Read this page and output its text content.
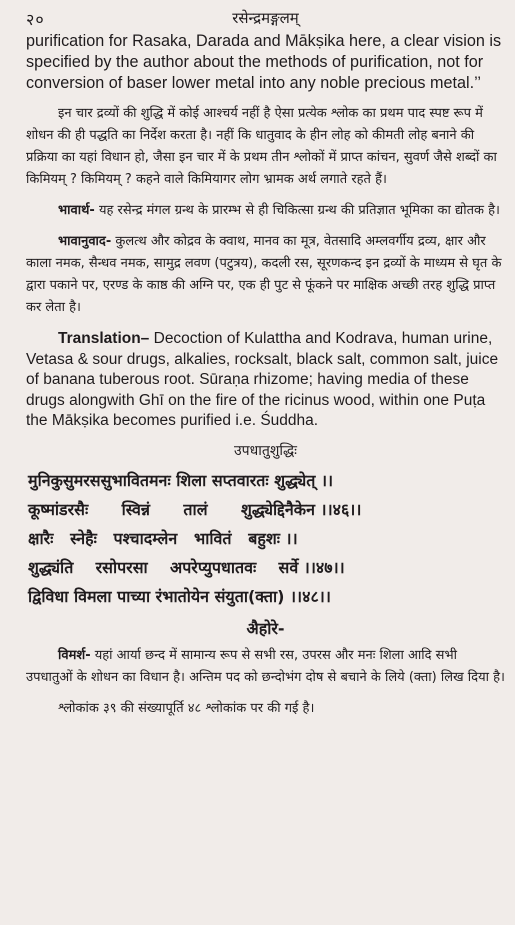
२०	रसेन्द्रमङ्गलम्

purification for Rasaka, Darada and Mākṣika here, a clear vision is specified by the author about the methods of purification, not for conversion of baser lower metal into any noble precious metal.’’

इन चार द्रव्यों की शुद्धि में कोई आश्चर्य नहीं है ऐसा प्रत्येक श्लोक का प्रथम पाद स्पष्ट रूप में शोधन की ही पद्धति का निर्देश करता है। नहीं कि धातुवाद के हीन लोह को कीमती लोह बनाने की प्रक्रिया का यहां विधान हो, जैसा इन चार में के प्रथम तीन श्लोकों में प्राप्त कांचन, सुवर्ण जैसे शब्दों का किमियम् ? किमियम् ? कहने वाले किमियागर लोग भ्रामक अर्थ लगाते रहते हैं।

भावार्थ- यह रसेन्द्र मंगल ग्रन्थ के प्रारम्भ से ही चिकित्सा ग्रन्थ की प्रतिज्ञात भूमिका का द्योतक है।

भावानुवाद- कुलत्थ और कोद्रव के क्वाथ, मानव का मूत्र, वेतसादि अम्लवर्गीय द्रव्य, क्षार और काला नमक, सैन्धव नमक, सामुद्र लवण (पटुत्रय), कदली रस, सूरणकन्द इन द्रव्यों के माध्यम से घृत के द्वारा पकाने पर, एरण्ड के काष्ठ की अग्नि पर, एक ही पुट से फूंकने पर माक्षिक अच्छी तरह शुद्धि प्राप्त कर लेता है।

Translation– Decoction of Kulattha and Kodrava, human urine, Vetasa & sour drugs, alkalies, rocksalt, black salt, common salt, juice of banana tuberous root. Sūraṇa rhizome; having media of these drugs alongwith Ghī on the fire of the ricinus wood, within one Puṭa the Mākṣika becomes purified i.e. Śuddha.

उपधातुशुद्धिः

मुनिकुसुमरससुभावितमनः शिला सप्तवारतः शुद्ध्येत् ।।

कूष्मांडरसैः      स्विन्नं      तालं      शुद्ध्येद्दिनैकेन ।।४६।।

क्षारैः   स्नेहैः   पश्चादम्लेन   भावितं   बहुशः ।।

शुद्ध्यंति    रसोपरसा    अपरेप्युपधातवः    सर्वे ।।४७।।

द्विविधा विमला पाच्या रंभातोयेन संयुता(क्ता) ।।४८।।

अैहोरे-

विमर्श- यहां आर्या छन्द में सामान्य रूप से सभी रस, उपरस और मनः शिला आदि सभी उपधातुओं के शोधन का विधान है। अन्तिम पद को छन्दोभंग दोष से बचाने के लिये (क्ता) लिख दिया है।

श्लोकांक ३९ की संख्यापूर्ति ४८ श्लोकांक पर की गई है।
